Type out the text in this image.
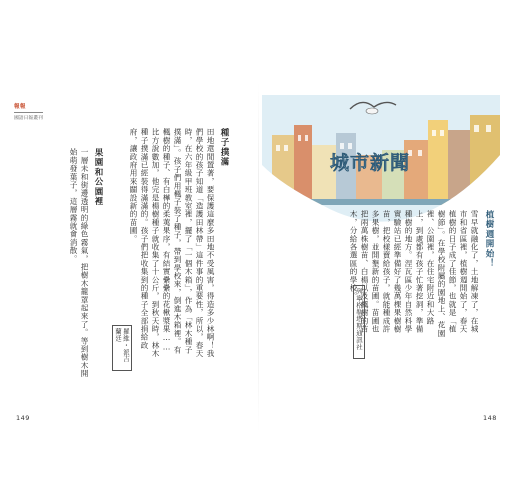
報報
國語日報叢刊
種子撲滿
田地還閒置著，要保護這麼多田地不受風害，得造多少林啊！我們學校的孩子知道「造護田林帶」這件事的重要性，所以，春天時，在六年級甲班教室裡，擺了「一個木箱」，作為「林木種子撲滿」。孩子們用楓子裝了種子，帶到學校來，倒進木箱裡。有楓樹的種子、有白樺的柔荑果序，有結實纍纍的花楸漿果……比方說數加，他完是楊樹種子就收集了十公斤，到秋天時，林木種子撲滿已經裝得滿滿的。孩子們把收集到的種子全部捐給政府，讓政府用來闢設新的苗圃。
羅維・派吉蘭廷
果園和公園裡
一層未和街邊透明的綠色霧氣，把樹木籠罩起來了。等到樹木開始萌發葉子，這層霧就會消散。
149
城市新聞
植樹週開始！
雪早就融化了，土地解凍了，在城市和省區裡，植樹週開始了，春天植樹的日子成了佳節，也就是「植樹節」。在學校附屬的園地上、花園裡、公園裡，在住宅附近和大路上，到處都有孩子忙著挖洞，準備種樹的地方。涅瓦區少年自然科學實驗站已經準備好了幾萬棵果樹樹苗，把校樣賣給孩子，就能種成許多果樹，並開墾新的苗圃。苗圃也把兩萬株樹苗、白楊以及楓樹的苗木，分給各選區的學校。
列寧格勒塔斯通訊社
148
